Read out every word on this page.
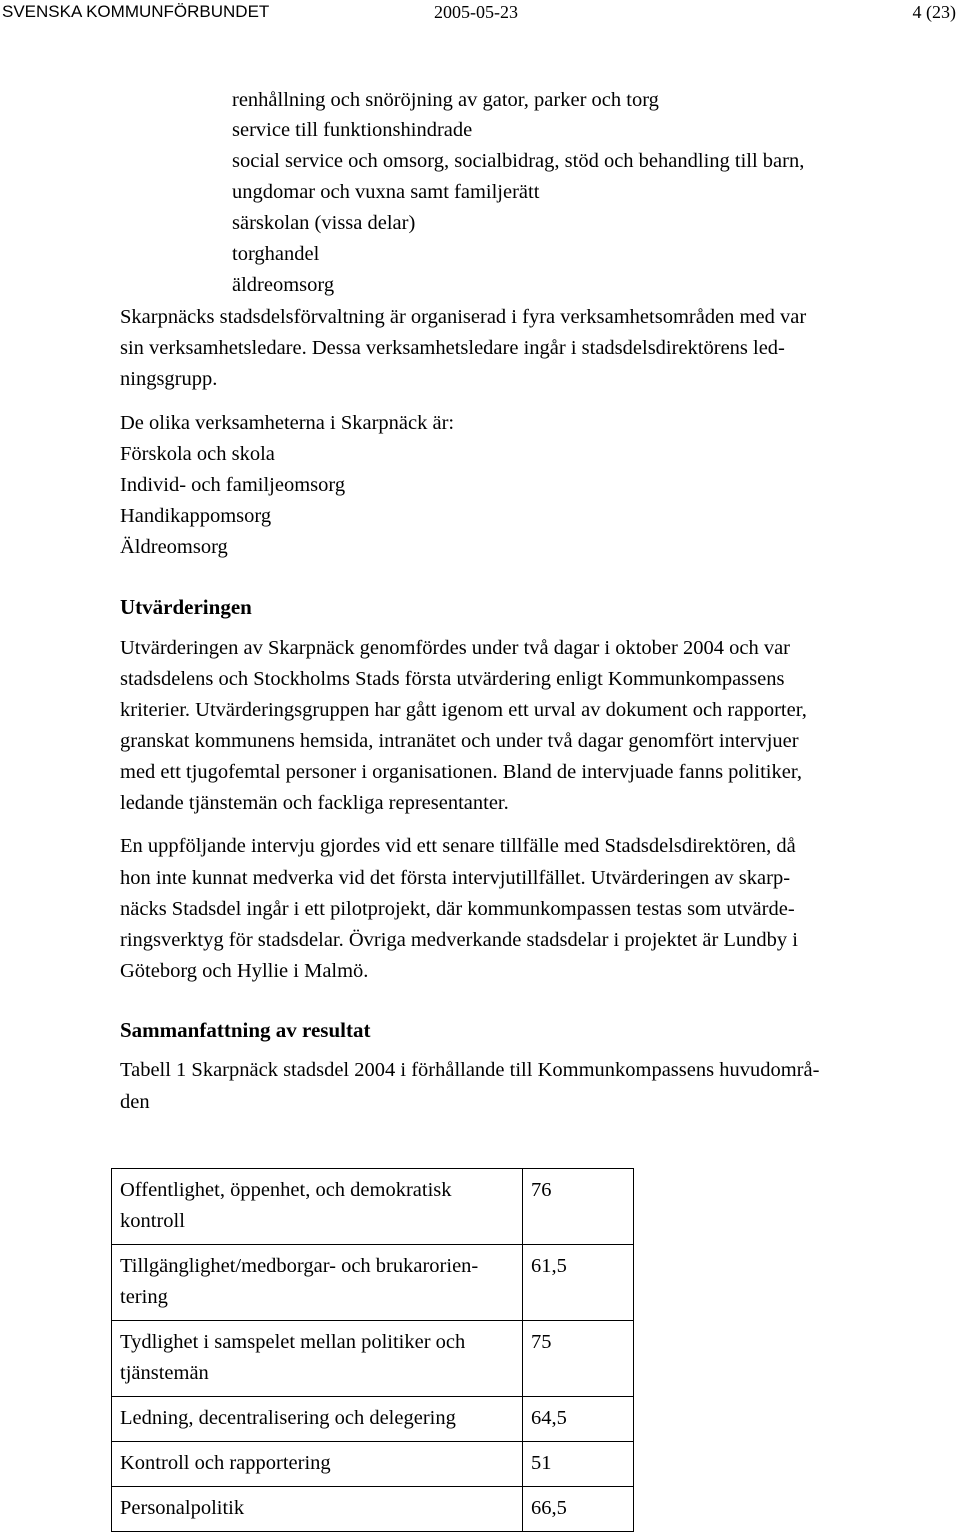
SVENSKA KOMMUNFÖRBUNDET	2005-05-23	4 (23)
renhållning och snöröjning av gator, parker och torg
service till funktionshindrade
social service och omsorg, socialbidrag, stöd och behandling till barn,
ungdomar och vuxna samt familjerätt
särskolan (vissa delar)
torghandel
äldreomsorg
Skarpnäcks stadsdelsförvaltning är organiserad i fyra verksamhetsområden med var
sin verksamhetsledare. Dessa verksamhetsledare ingår i stadsdelsdirektörens led-
ningsgrupp.
De olika verksamheterna i Skarpnäck är:
Förskola och skola
Individ- och familjeomsorg
Handikappomsorg
Äldreomsorg
Utvärderingen
Utvärderingen av Skarpnäck genomfördes under två dagar i oktober 2004 och var
stadsdelens och Stockholms Stads första utvärdering enligt Kommunkompassens
kriterier. Utvärderingsgruppen har gått igenom ett urval av dokument och rapporter,
granskat kommunens hemsida, intranätet och under två dagar genomfört intervjuer
med ett tjugofemtal personer i organisationen. Bland de intervjuade fanns politiker,
ledande tjänstemän och fackliga representanter.
En uppföljande intervju gjordes vid ett senare tillfälle med Stadsdelsdirektören, då
hon inte kunnat medverka vid det första intervjutillfället. Utvärderingen av skarp-
näcks Stadsdel ingår i ett pilotprojekt, där kommunkompassen testas som utvärde-
ringsverktyg för stadsdelar. Övriga medverkande stadsdelar i projektet är Lundby i
Göteborg och Hyllie i Malmö.
Sammanfattning av resultat
Tabell 1 Skarpnäck stadsdel 2004 i förhållande till Kommunkompassens huvudområ-
den
Offentlighet, öppenhet, och demokratisk
kontroll	76

Tillgänglighet/medborgar- och brukarorien-
tering	61,5

Tydlighet i samspelet mellan politiker och
tjänstemän	75
Ledning, decentralisering och delegering	64,5
Kontroll och rapportering	51
Personalpolitik	66,5
